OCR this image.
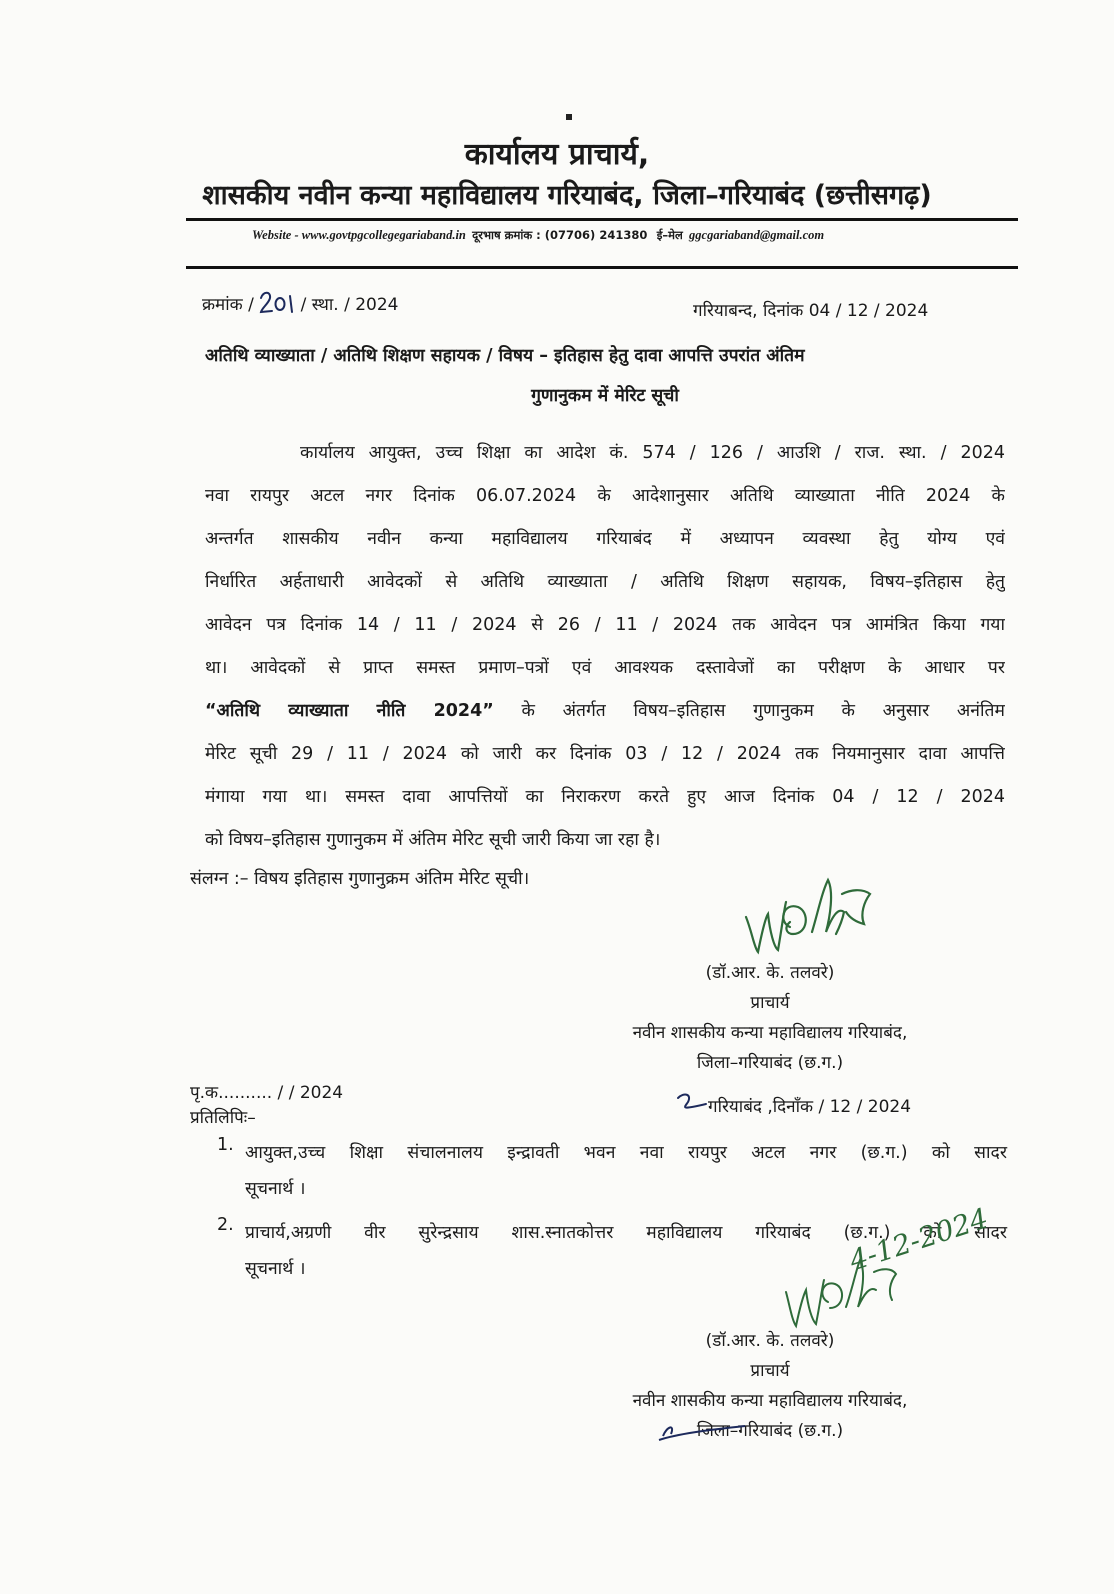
कार्यालय प्राचार्य,
शासकीय नवीन कन्या महाविद्यालय गरियाबंद, जिला–गरियाबंद (छत्तीसगढ़)
Website - www.govtpgcollegegariaband.in दूरभाष क्रमांक : (07706) 241380 ई–मेल ggcgariaband@gmail.com
क्रमांक /	/ स्था. / 2024	गरियाबन्द, दिनांक 04 / 12 / 2024
अतिथि व्याख्याता / अतिथि शिक्षण सहायक / विषय – इतिहास हेतु दावा आपत्ति उपरांत अंतिम
गुणानुकम में मेरिट सूची
कार्यालय आयुक्त, उच्च शिक्षा का आदेश कं. 574 / 126 / आउशि / राज. स्था. / 2024
नवा रायपुर अटल नगर दिनांक 06.07.2024 के आदेशानुसार अतिथि व्याख्याता नीति 2024 के
अन्तर्गत शासकीय नवीन कन्या महाविद्यालय गरियाबंद में अध्यापन व्यवस्था हेतु योग्य एवं
निर्धारित अर्हताधारी आवेदकों से अतिथि व्याख्याता / अतिथि शिक्षण सहायक, विषय–इतिहास हेतु
आवेदन पत्र दिनांक 14 / 11 / 2024 से 26 / 11 / 2024 तक आवेदन पत्र आमंत्रित किया गया
था। आवेदकों से प्राप्त समस्त प्रमाण–पत्रों एवं आवश्यक दस्तावेजों का परीक्षण के आधार पर
“अतिथि व्याख्याता नीति 2024” के अंतर्गत विषय–इतिहास गुणानुकम के अनुसार अनंतिम
मेरिट सूची 29 / 11 / 2024 को जारी कर दिनांक 03 / 12 / 2024 तक नियमानुसार दावा आपत्ति
मंगाया गया था। समस्त दावा आपत्तियों का निराकरण करते हुए आज दिनांक 04 / 12 / 2024
को विषय–इतिहास गुणानुकम में अंतिम मेरिट सूची जारी किया जा रहा है।
संलग्न :– विषय इतिहास गुणानुक्रम अंतिम मेरिट सूची।
(डॉ.आर. के. तलवरे)
प्राचार्य
नवीन शासकीय कन्या महाविद्यालय गरियाबंद,
जिला–गरियाबंद (छ.ग.)
पृ.क.......... / / 2024
प्रतिलिपिः–
गरियाबंद ,दिनाँक / 12 / 2024
1. आयुक्त,उच्च शिक्षा संचालनालय इन्द्रावती भवन नवा रायपुर अटल नगर (छ.ग.) को सादर
सूचनार्थ ।
2. प्राचार्य,अग्रणी वीर सुरेन्द्रसाय शास.स्नातकोत्तर महाविद्यालय गरियाबंद (छ.ग.) को सादर
सूचनार्थ ।	4-12-2024
(डॉ.आर. के. तलवरे)
प्राचार्य
नवीन शासकीय कन्या महाविद्यालय गरियाबंद,
जिला–गरियाबंद (छ.ग.)
